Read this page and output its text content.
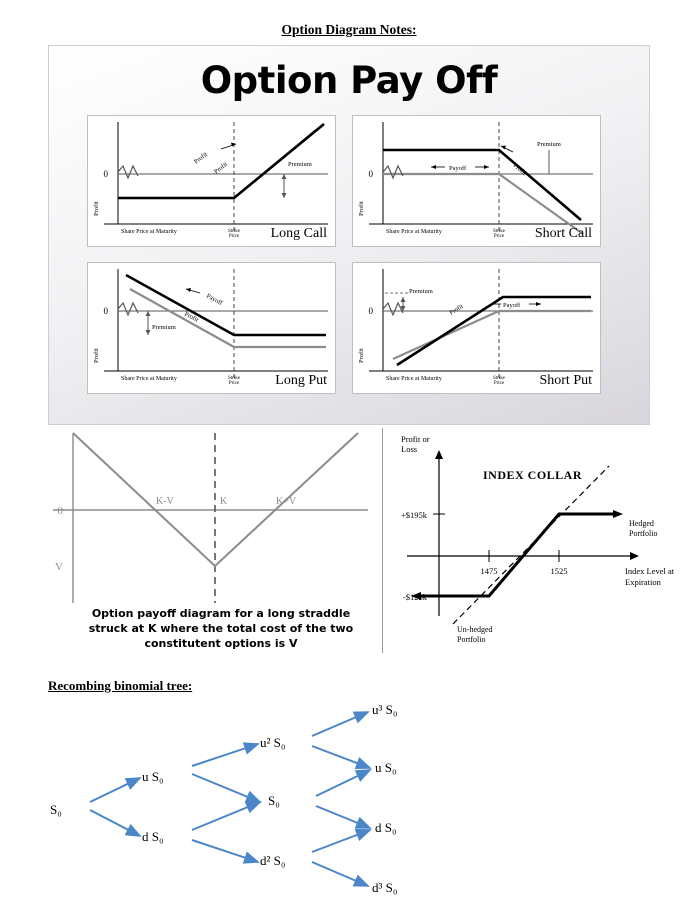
Option Diagram Notes:
Option Pay Off
0
Profit
Share Price at Maturity	Strike
Price
Premium
Profit
Profit
Long Call
0
Profit
Share Price at Maturity	Strike
Price
Premium
Payoff	Profit
Short Call
0
Profit
Share Price at Maturity	Strike
Price
Premium
Payoff
Profit
Long Put
0
Profit
Share Price at Maturity	Strike
Price
Premium
Profit	Payoff
Short Put
0
V
K-V	K	K+V
Option payoff diagram for a long straddle struck at K where the total cost of the two constitutent options is V
+$195k
-$125k
1475	1525
Profit or
Loss
Index Level at
Expiration
Hedged
Portfolio
Un-hedged
Portfolio
INDEX COLLAR
Recombing binomial tree:
S₀
u S₀
d S₀
u² S₀
S₀
d² S₀
u³ S₀
u S₀
d S₀
d³ S₀
